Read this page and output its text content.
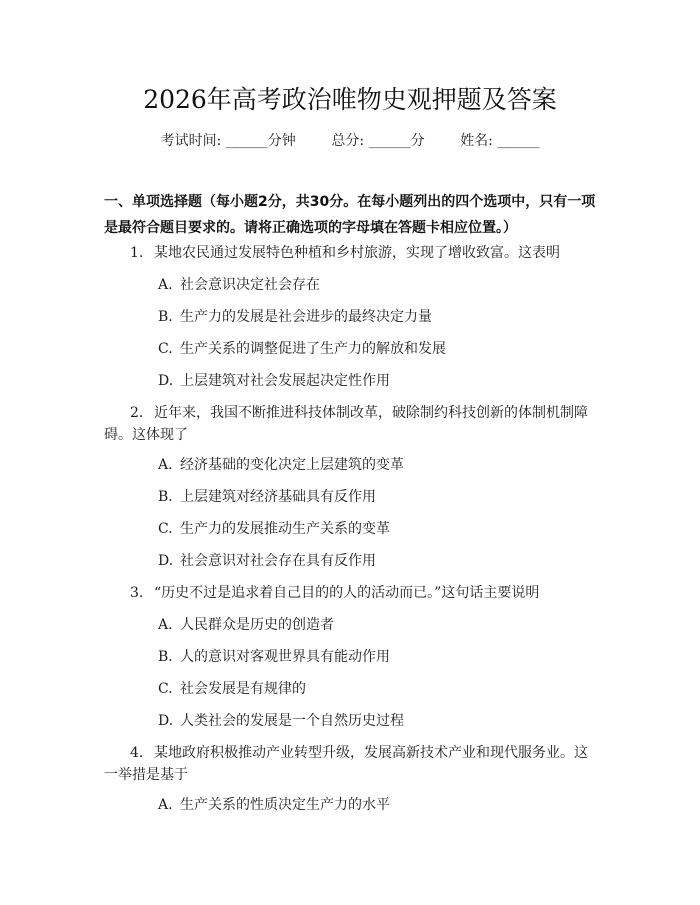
2026年高考政治唯物史观押题及答案
考试时间: ______分钟	总分: ______分	姓名: ______
一、单项选择题（每小题2分，共30分。在每小题列出的四个选项中，只有一项是最符合题目要求的。请将正确选项的字母填在答题卡相应位置。）
1. 某地农民通过发展特色种植和乡村旅游，实现了增收致富。这表明
A. 社会意识决定社会存在
B. 生产力的发展是社会进步的最终决定力量
C. 生产关系的调整促进了生产力的解放和发展
D. 上层建筑对社会发展起决定性作用
2. 近年来，我国不断推进科技体制改革，破除制约科技创新的体制机制障碍。这体现了
A. 经济基础的变化决定上层建筑的变革
B. 上层建筑对经济基础具有反作用
C. 生产力的发展推动生产关系的变革
D. 社会意识对社会存在具有反作用
3. “历史不过是追求着自己目的的人的活动而已。”这句话主要说明
A. 人民群众是历史的创造者
B. 人的意识对客观世界具有能动作用
C. 社会发展是有规律的
D. 人类社会的发展是一个自然历史过程
4. 某地政府积极推动产业转型升级，发展高新技术产业和现代服务业。这一举措是基于
A. 生产关系的性质决定生产力的水平
